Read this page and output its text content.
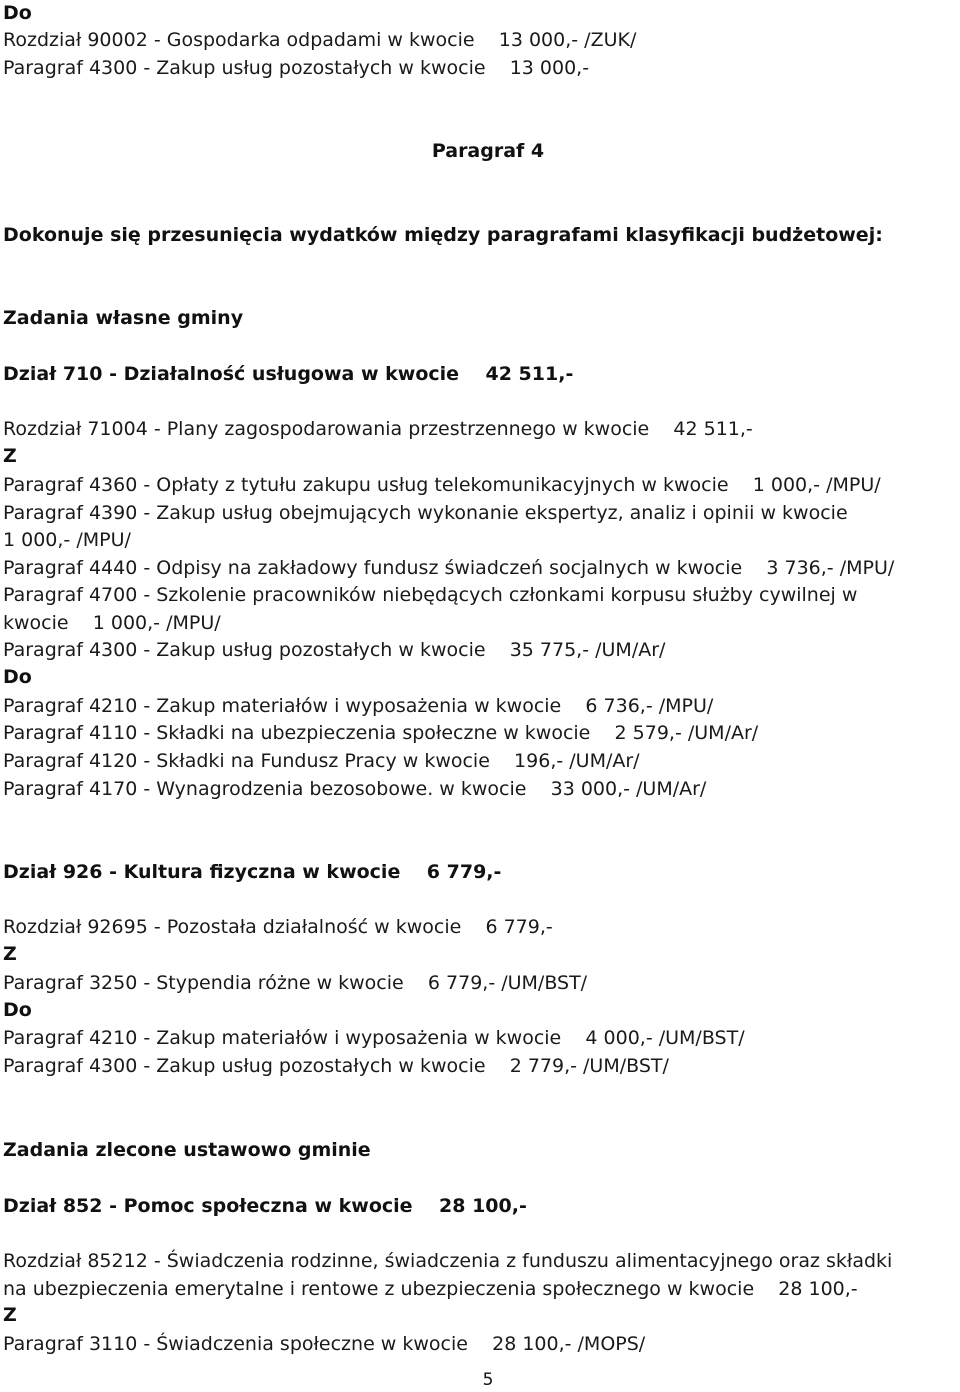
Do

Rozdział 90002 - Gospodarka odpadami w kwocie    13 000,- /ZUK/

Paragraf 4300 - Zakup usług pozostałych w kwocie    13 000,-

Paragraf 4

Dokonuje się przesunięcia wydatków między paragrafami klasyfikacji budżetowej:

Zadania własne gminy

Dział 710 - Działalność usługowa w kwocie    42 511,-

Rozdział 71004 - Plany zagospodarowania przestrzennego w kwocie    42 511,-

Z

Paragraf 4360 - Opłaty z tytułu zakupu usług telekomunikacyjnych w kwocie    1 000,- /MPU/

Paragraf 4390 - Zakup usług obejmujących wykonanie ekspertyz, analiz i opinii w kwocie

1 000,- /MPU/

Paragraf 4440 - Odpisy na zakładowy fundusz świadczeń socjalnych w kwocie    3 736,- /MPU/

Paragraf 4700 - Szkolenie pracowników niebędących członkami korpusu służby cywilnej w

kwocie    1 000,- /MPU/

Paragraf 4300 - Zakup usług pozostałych w kwocie    35 775,- /UM/Ar/

Do

Paragraf 4210 - Zakup materiałów i wyposażenia w kwocie    6 736,- /MPU/

Paragraf 4110 - Składki na ubezpieczenia społeczne w kwocie    2 579,- /UM/Ar/

Paragraf 4120 - Składki na Fundusz Pracy w kwocie    196,- /UM/Ar/

Paragraf 4170 - Wynagrodzenia bezosobowe. w kwocie    33 000,- /UM/Ar/

Dział 926 - Kultura fizyczna w kwocie    6 779,-

Rozdział 92695 - Pozostała działalność w kwocie    6 779,-

Z

Paragraf 3250 - Stypendia różne w kwocie    6 779,- /UM/BST/

Do

Paragraf 4210 - Zakup materiałów i wyposażenia w kwocie    4 000,- /UM/BST/

Paragraf 4300 - Zakup usług pozostałych w kwocie    2 779,- /UM/BST/

Zadania zlecone ustawowo gminie

Dział 852 - Pomoc społeczna w kwocie    28 100,-

Rozdział 85212 - Świadczenia rodzinne, świadczenia z funduszu alimentacyjnego oraz składki

na ubezpieczenia emerytalne i rentowe z ubezpieczenia społecznego w kwocie    28 100,-

Z

Paragraf 3110 - Świadczenia społeczne w kwocie    28 100,- /MOPS/

5
